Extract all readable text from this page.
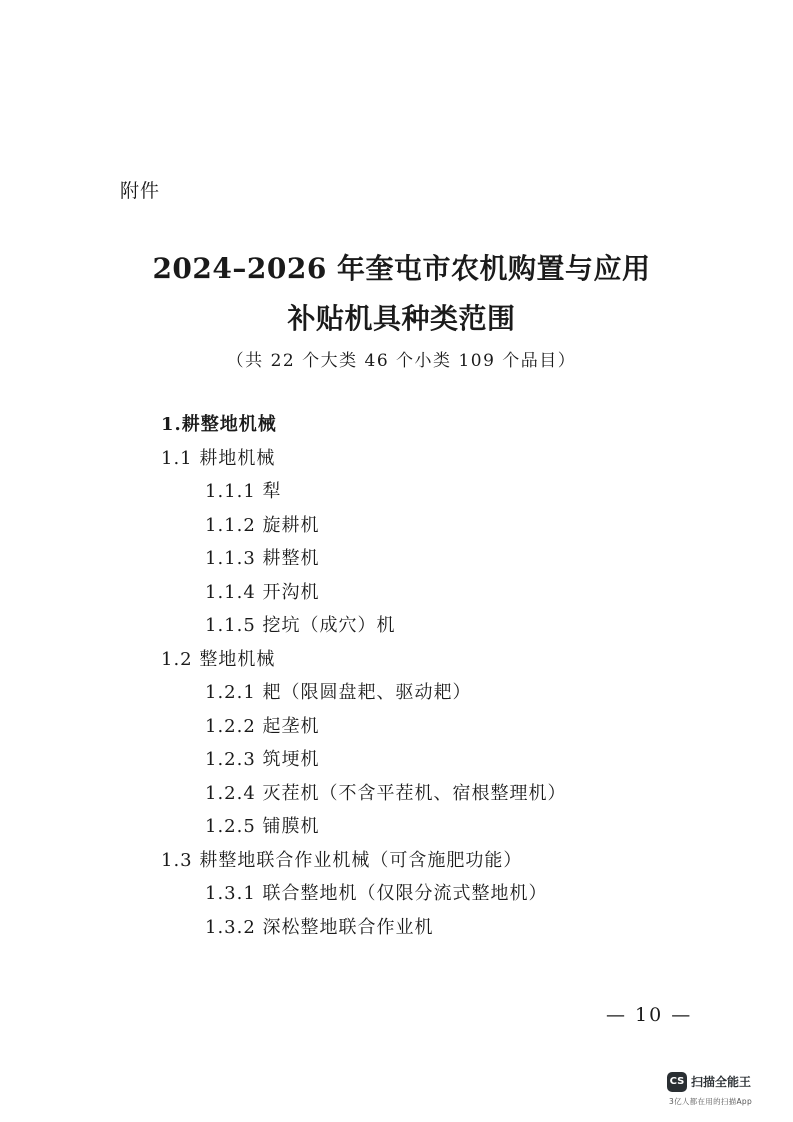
附件
2024–2026 年奎屯市农机购置与应用
补贴机具种类范围
（共 22 个大类 46 个小类 109 个品目）
1.耕整地机械
1.1 耕地机械
1.1.1 犁
1.1.2 旋耕机
1.1.3 耕整机
1.1.4 开沟机
1.1.5 挖坑（成穴）机
1.2 整地机械
1.2.1 耙（限圆盘耙、驱动耙）
1.2.2 起垄机
1.2.3 筑埂机
1.2.4 灭茬机（不含平茬机、宿根整理机）
1.2.5 铺膜机
1.3 耕整地联合作业机械（可含施肥功能）
1.3.1 联合整地机（仅限分流式整地机）
1.3.2 深松整地联合作业机
— 10 —
CS 扫描全能王
3亿人都在用的扫描App
